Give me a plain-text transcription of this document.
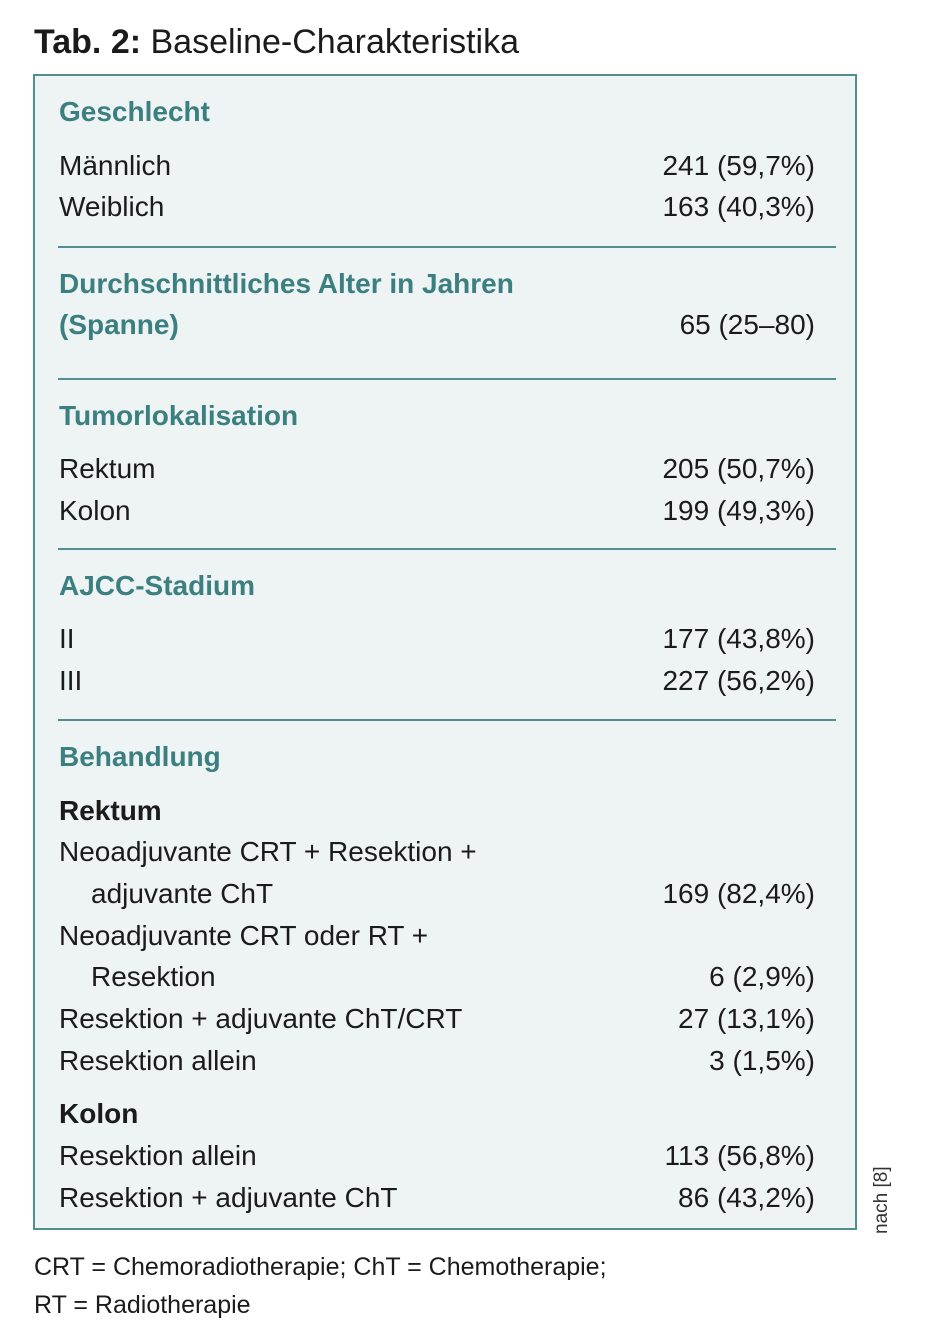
Tab. 2: Baseline-Charakteristika
Geschlecht
Männlich	241 (59,7%)
Weiblich	163 (40,3%)
Durchschnittliches Alter in Jahren
(Spanne)	65 (25–80)
Tumorlokalisation
Rektum	205 (50,7%)
Kolon	199 (49,3%)
AJCC-Stadium
II	177 (43,8%)
III	227 (56,2%)
Behandlung
Rektum
Neoadjuvante CRT + Resektion +
adjuvante ChT	169 (82,4%)
Neoadjuvante CRT oder RT +
Resektion	6 (2,9%)
Resektion + adjuvante ChT/CRT	27 (13,1%)
Resektion allein	3 (1,5%)
Kolon
Resektion allein	113 (56,8%)
Resektion + adjuvante ChT	86 (43,2%)	nach [8]
CRT = Chemoradiotherapie; ChT = Chemotherapie;
RT = Radiotherapie
